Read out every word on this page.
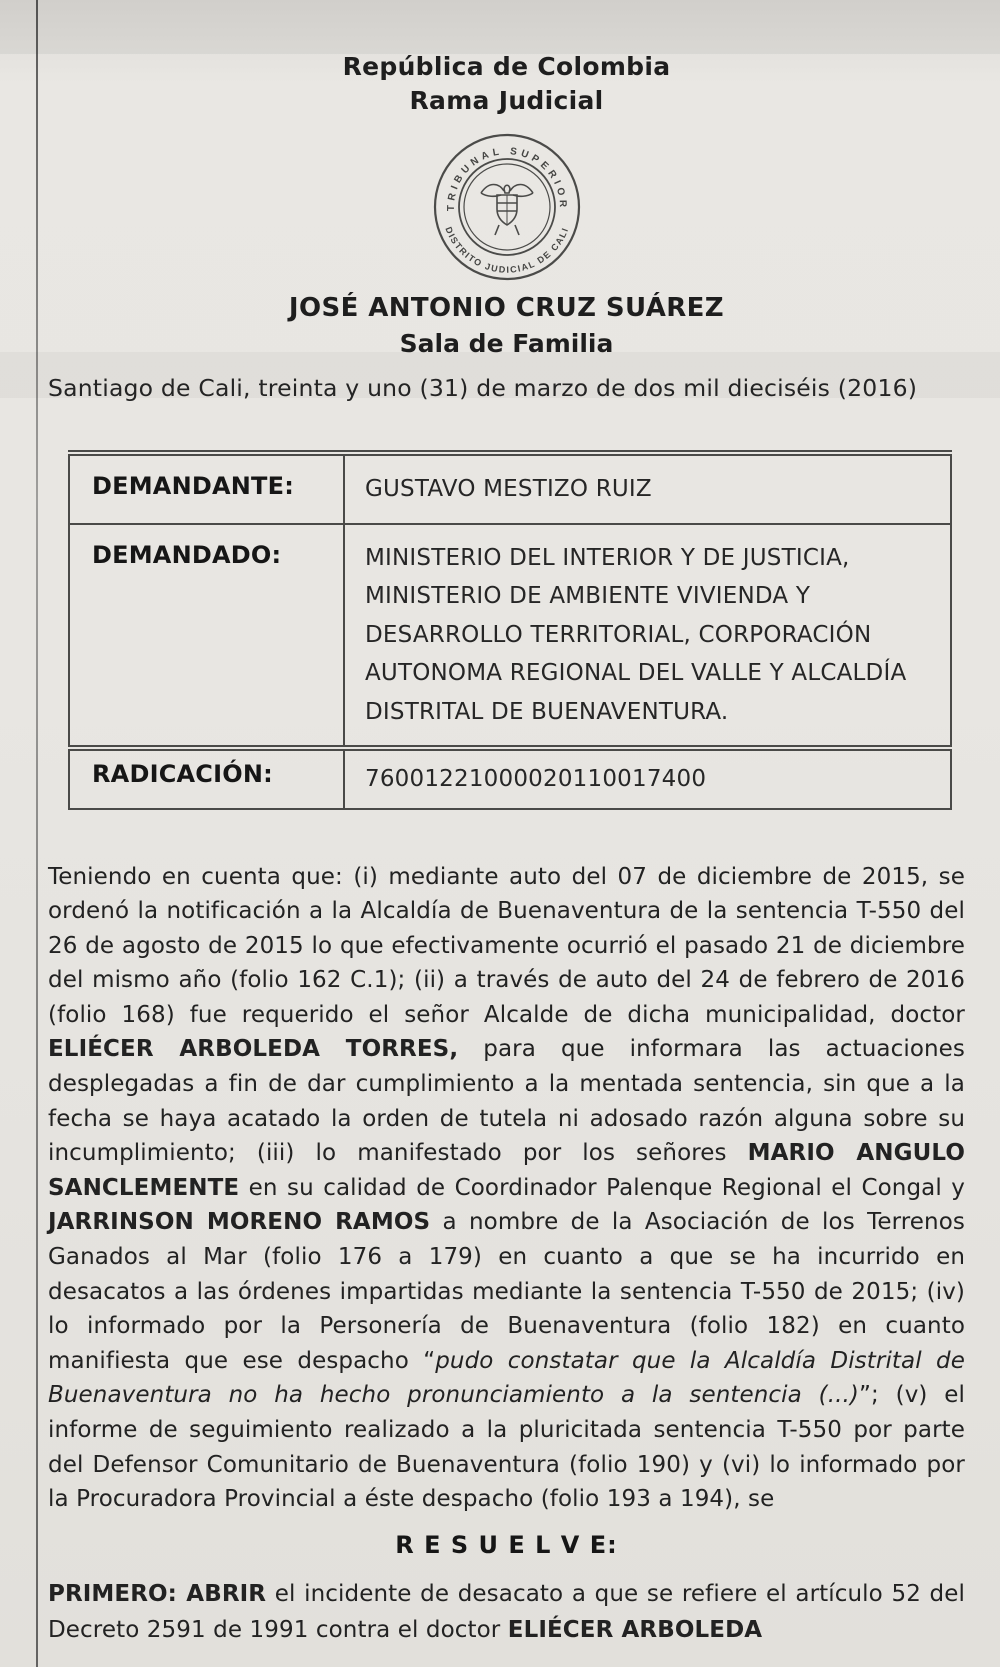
República de Colombia
Rama Judicial
TRIBUNAL SUPERIOR
DISTRITO JUDICIAL DE CALI
JOSÉ ANTONIO CRUZ SUÁREZ
Sala de Familia
Santiago de Cali, treinta y uno (31) de marzo de dos mil dieciséis (2016)
DEMANDANTE:	GUSTAVO MESTIZO RUIZ
DEMANDADO:	MINISTERIO DEL INTERIOR Y DE JUSTICIA, MINISTERIO DE AMBIENTE VIVIENDA Y DESARROLLO TERRITORIAL, CORPORACIÓN AUTONOMA REGIONAL DEL VALLE Y ALCALDÍA DISTRITAL DE BUENAVENTURA.
RADICACIÓN:	76001221000020110017400
Teniendo en cuenta que: (i) mediante auto del 07 de diciembre de 2015, se ordenó la notificación a la Alcaldía de Buenaventura de la sentencia T-550 del 26 de agosto de 2015 lo que efectivamente ocurrió el pasado 21 de diciembre del mismo año (folio 162 C.1); (ii) a través de auto del 24 de febrero de 2016 (folio 168) fue requerido el señor Alcalde de dicha municipalidad, doctor ELIÉCER ARBOLEDA TORRES, para que informara las actuaciones desplegadas a fin de dar cumplimiento a la mentada sentencia, sin que a la fecha se haya acatado la orden de tutela ni adosado razón alguna sobre su incumplimiento; (iii) lo manifestado por los señores MARIO ANGULO SANCLEMENTE en su calidad de Coordinador Palenque Regional el Congal y JARRINSON MORENO RAMOS a nombre de la Asociación de los Terrenos Ganados al Mar (folio 176 a 179) en cuanto a que se ha incurrido en desacatos a las órdenes impartidas mediante la sentencia T-550 de 2015; (iv) lo informado por la Personería de Buenaventura (folio 182) en cuanto manifiesta que ese despacho “pudo constatar que la Alcaldía Distrital de Buenaventura no ha hecho pronunciamiento a la sentencia (...)”; (v) el informe de seguimiento realizado a la pluricitada sentencia T-550 por parte del Defensor Comunitario de Buenaventura (folio 190) y (vi) lo informado por la Procuradora Provincial a éste despacho (folio 193 a 194), se
R E S U E L V E:
PRIMERO: ABRIR el incidente de desacato a que se refiere el artículo 52 del Decreto 2591 de 1991 contra el doctor ELIÉCER ARBOLEDA
